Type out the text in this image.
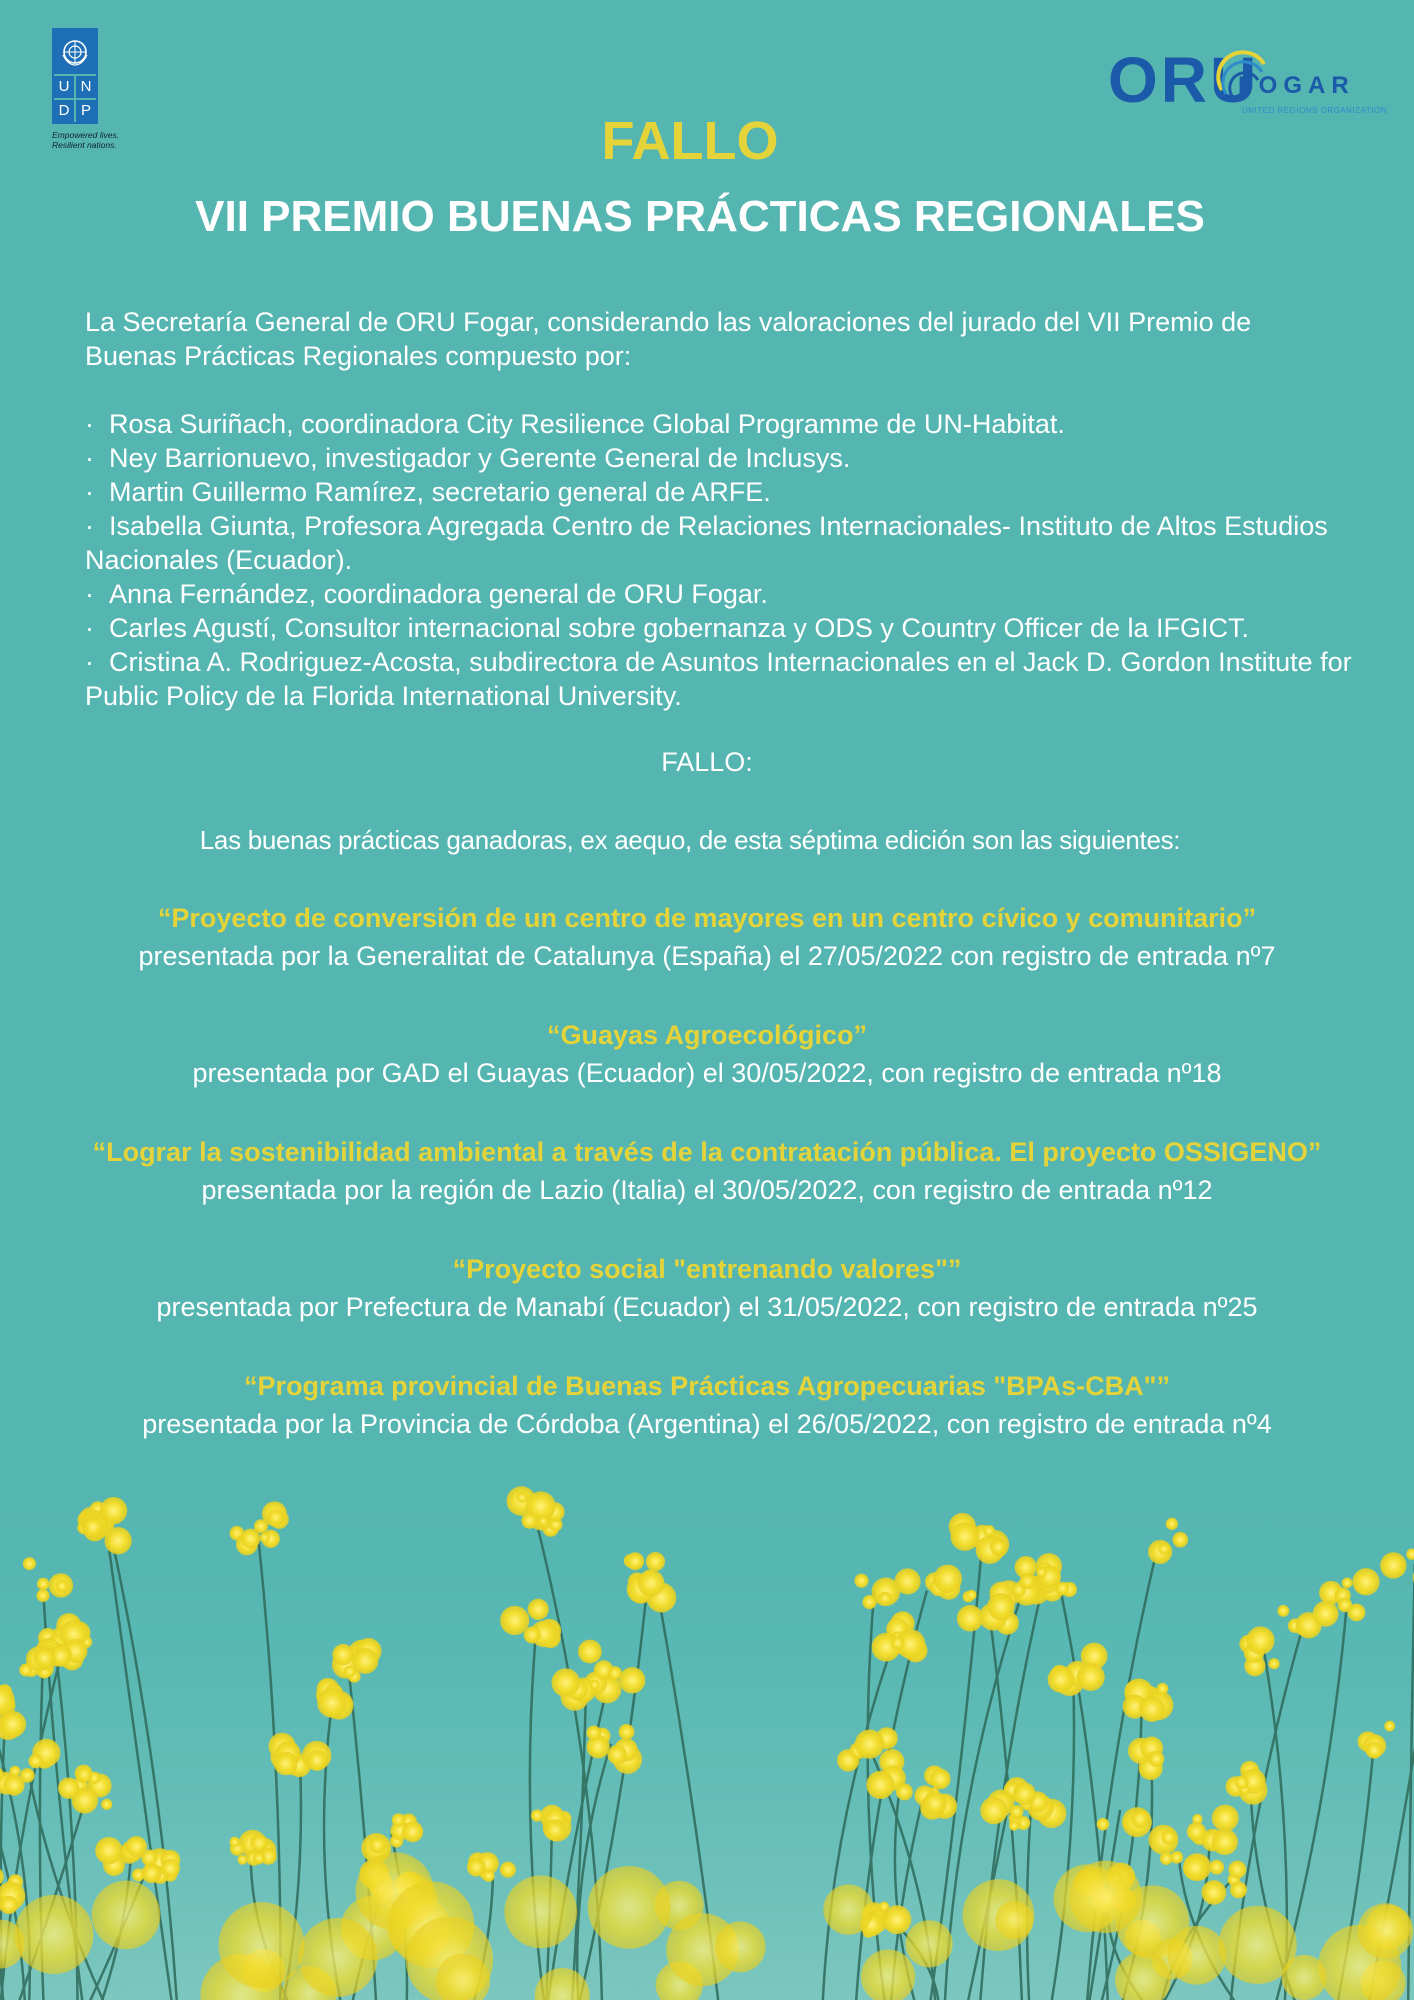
U N
D P
Empowered lives.
Resilient nations.
ORU
FOGAR
UNITED REGIONS ORGANIZATION
FALLO
VII PREMIO BUENAS PRÁCTICAS REGIONALES
La Secretaría General de ORU Fogar, considerando las valoraciones del jurado del VII Premio de Buenas Prácticas Regionales compuesto por:
·  Rosa Suriñach, coordinadora City Resilience Global Programme de UN-Habitat.
·  Ney Barrionuevo, investigador y Gerente General de Inclusys.
·  Martin Guillermo Ramírez, secretario general de ARFE.
·  Isabella Giunta, Profesora Agregada Centro de Relaciones Internacionales- Instituto de Altos Estudios Nacionales (Ecuador).
·  Anna Fernández, coordinadora general de ORU Fogar.
·  Carles Agustí, Consultor internacional sobre gobernanza y ODS y Country Officer de la IFGICT.
·  Cristina A. Rodriguez-Acosta, subdirectora de Asuntos Internacionales en el Jack D. Gordon Institute for Public Policy de la Florida International University.
FALLO:
Las buenas prácticas ganadoras, ex aequo, de esta séptima edición son las siguientes:
“Proyecto de conversión de un centro de mayores en un centro cívico y comunitario”
presentada por la Generalitat de Catalunya (España) el 27/05/2022 con registro de entrada nº7
“Guayas Agroecológico”
presentada por GAD el Guayas (Ecuador) el 30/05/2022, con registro de entrada nº18
“Lograr la sostenibilidad ambiental a través de la contratación pública. El proyecto OSSIGENO”
presentada por la región de Lazio (Italia) el 30/05/2022, con registro de entrada nº12
“Proyecto social "entrenando valores"”
presentada por Prefectura de Manabí (Ecuador) el 31/05/2022, con registro de entrada nº25
“Programa provincial de Buenas Prácticas Agropecuarias "BPAs-CBA"”
presentada por la Provincia de Córdoba (Argentina) el 26/05/2022, con registro de entrada nº4
